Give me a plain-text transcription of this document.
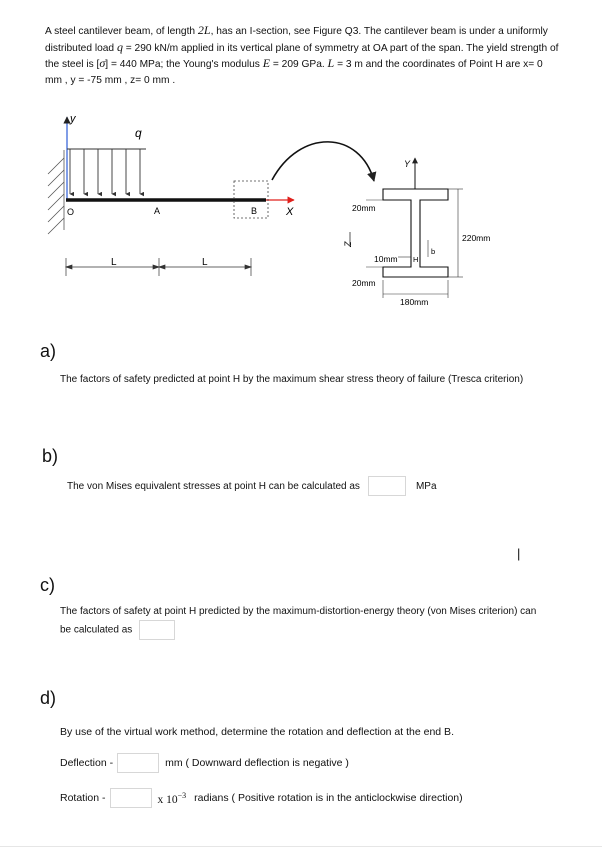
A steel cantilever beam, of length 2L, has an I-section, see Figure Q3. The cantilever beam is under a uniformly distributed load q = 290 kN/m applied in its vertical plane of symmetry at OA part of the span. The yield strength of the steel is [σ] = 440 MPa; the Young's modulus E = 209 GPa. L = 3 m and the coordinates of Point H are x= 0 mm , y = -75 mm , z= 0 mm .
y
q
O	A	B	X
L	L
Y
Z
20mm
10mm H
b
220mm
20mm
180mm
a)
The factors of safety predicted at point H by the maximum shear stress theory of failure (Tresca criterion)
b)
The von Mises equivalent stresses at point H can be calculated as	MPa
|
c)
The factors of safety at point H predicted by the maximum-distortion-energy theory (von Mises criterion) can be calculated as
d)
By use of the virtual work method, determine the rotation and deflection at the end B.
Deflection -	mm ( Downward deflection is negative )
Rotation -	x $10^{-3}$ radians ( Positive rotation is in the anticlockwise direction)
